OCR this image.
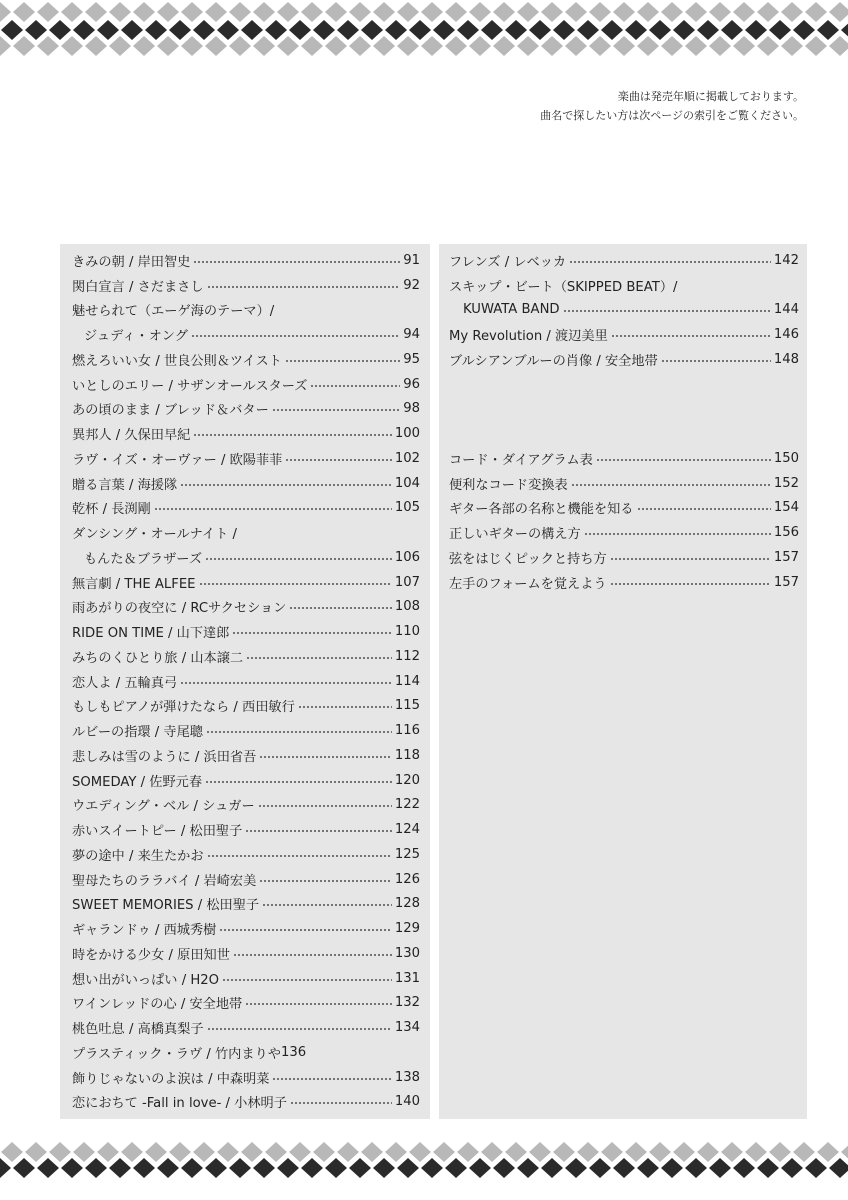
楽曲は発売年順に掲載しております。
曲名で探したい方は次ページの索引をご覧ください。
きみの朝 / 岸田智史	91
関白宣言 / さだまさし	92
魅せられて（エーゲ海のテーマ）/
ジュディ・オング	94
燃えろいい女 / 世良公則＆ツイスト	95
いとしのエリー / サザンオールスターズ	96
あの頃のまま / ブレッド＆バター	98
異邦人 / 久保田早紀	100
ラヴ・イズ・オーヴァー / 欧陽菲菲	102
贈る言葉 / 海援隊	104
乾杯 / 長渕剛	105
ダンシング・オールナイト /
もんた＆ブラザーズ	106
無言劇 / THE ALFEE	107
雨あがりの夜空に / RCサクセション	108
RIDE ON TIME / 山下達郎	110
みちのくひとり旅 / 山本譲二	112
恋人よ / 五輪真弓	114
もしもピアノが弾けたなら / 西田敏行	115
ルビーの指環 / 寺尾聰	116
悲しみは雪のように / 浜田省吾	118
SOMEDAY / 佐野元春	120
ウエディング・ベル / シュガー	122
赤いスイートピー / 松田聖子	124
夢の途中 / 来生たかお	125
聖母たちのララバイ / 岩崎宏美	126
SWEET MEMORIES / 松田聖子	128
ギャランドゥ / 西城秀樹	129
時をかける少女 / 原田知世	130
想い出がいっぱい / H2O	131
ワインレッドの心 / 安全地帯	132
桃色吐息 / 高橋真梨子	134
プラスティック・ラヴ / 竹内まりや 136
飾りじゃないのよ涙は / 中森明菜	138
恋におちて -Fall in love- / 小林明子	140
フレンズ / レベッカ	142
スキップ・ビート（SKIPPED BEAT）/
KUWATA BAND	144
My Revolution / 渡辺美里	146
ブルシアンブルーの肖像 / 安全地帯	148
コード・ダイアグラム表	150
便利なコード変換表	152
ギター各部の名称と機能を知る	154
正しいギターの構え方	156
弦をはじくピックと持ち方	157
左手のフォームを覚えよう	157
